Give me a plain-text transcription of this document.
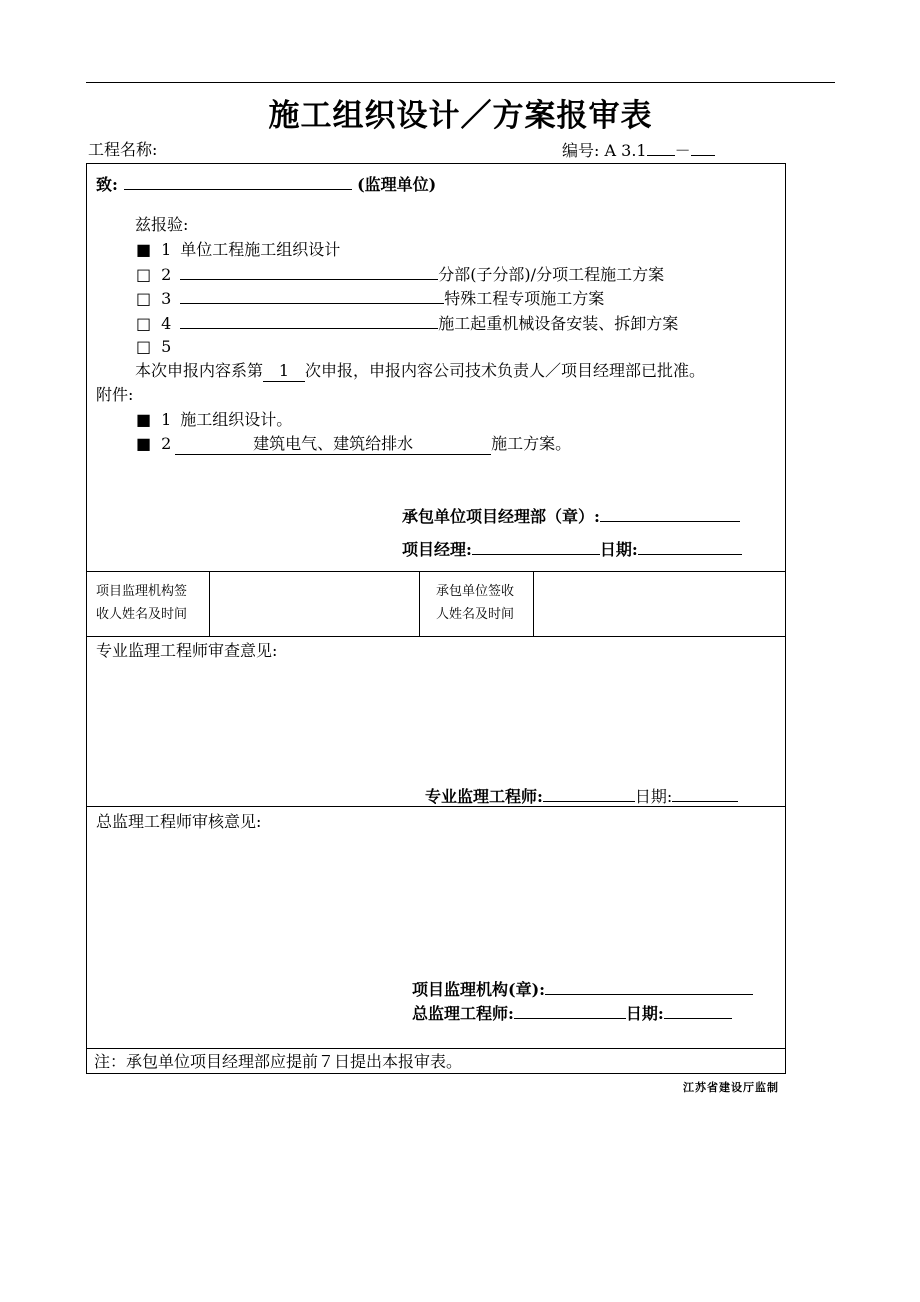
施工组织设计／方案报审表
工程名称:	编号: A 3.1 －
致:	(监理单位)
兹报验:
■ 1 单位工程施工组织设计
□ 2	分部(子分部)/分项工程施工方案
□ 3	特殊工程专项施工方案
□ 4	施工起重机械设备安装、拆卸方案
□ 5
本次申报内容系第 1 次申报，申报内容公司技术负责人／项目经理部已批准。
附件:
■ 1 施工组织设计。
■ 2	建筑电气、建筑给排水	施工方案。
承包单位项目经理部（章）:
项目经理:	日期:
项目监理机构签
收人姓名及时间
承包单位签收
人姓名及时间
专业监理工程师审查意见:
专业监理工程师:	日期:
总监理工程师审核意见:
项目监理机构(章):
总监理工程师:	日期:
注：承包单位项目经理部应提前７日提出本报审表。
江苏省建设厅监制
